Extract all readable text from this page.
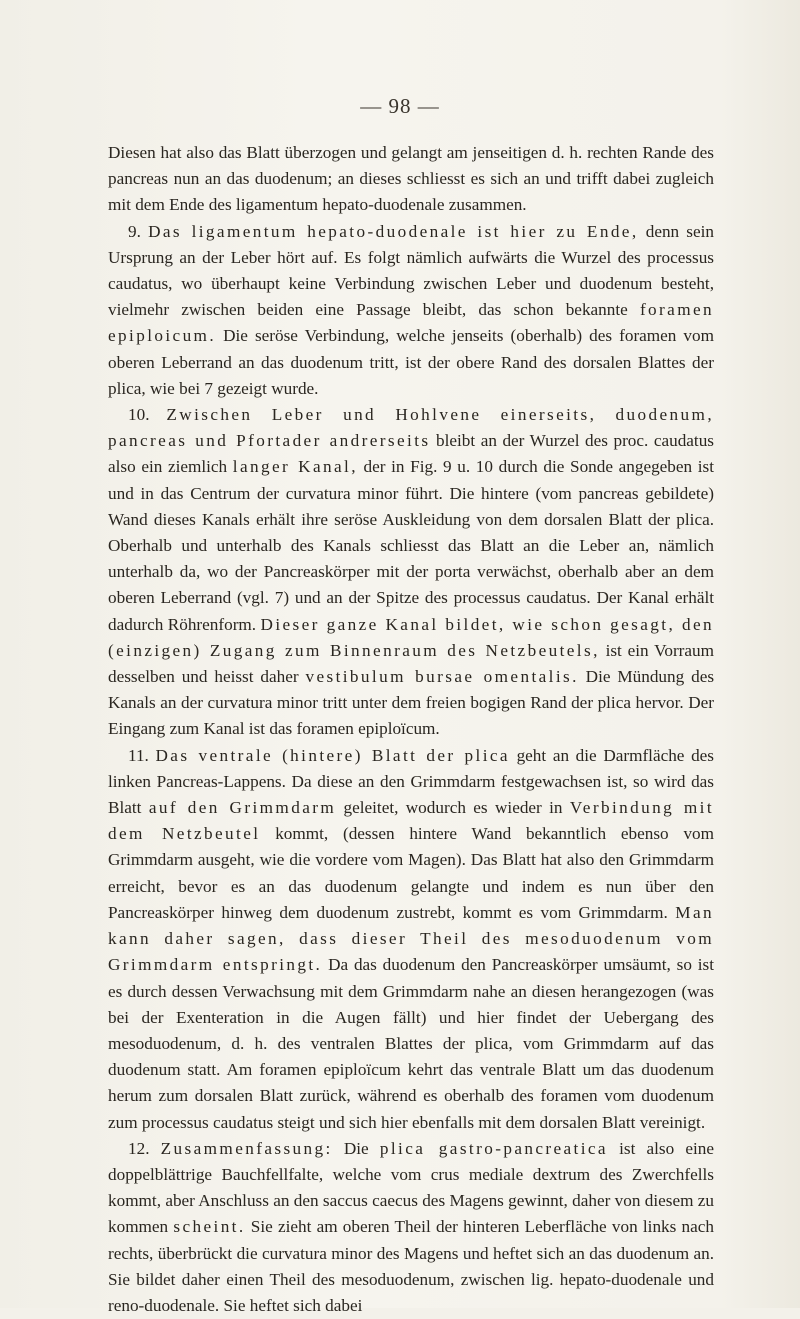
— 98 —

Diesen hat also das Blatt überzogen und gelangt am jenseitigen d. h. rechten Rande des pancreas nun an das duodenum; an dieses schliesst es sich an und trifft dabei zugleich mit dem Ende des ligamentum hepato-duodenale zusammen.

9. Das ligamentum hepato-duodenale ist hier zu Ende, denn sein Ursprung an der Leber hört auf. Es folgt nämlich aufwärts die Wurzel des processus caudatus, wo überhaupt keine Verbindung zwischen Leber und duodenum besteht, vielmehr zwischen beiden eine Passage bleibt, das schon bekannte foramen epiploicum. Die seröse Verbindung, welche jenseits (oberhalb) des foramen vom oberen Leberrand an das duodenum tritt, ist der obere Rand des dorsalen Blattes der plica, wie bei 7 gezeigt wurde.

10. Zwischen Leber und Hohlvene einerseits, duodenum, pancreas und Pfortader andrerseits bleibt an der Wurzel des proc. caudatus also ein ziemlich langer Kanal, der in Fig. 9 u. 10 durch die Sonde angegeben ist und in das Centrum der curvatura minor führt. Die hintere (vom pancreas gebildete) Wand dieses Kanals erhält ihre seröse Auskleidung von dem dorsalen Blatt der plica. Oberhalb und unterhalb des Kanals schliesst das Blatt an die Leber an, nämlich unterhalb da, wo der Pancreaskörper mit der porta verwächst, oberhalb aber an dem oberen Leberrand (vgl. 7) und an der Spitze des processus caudatus. Der Kanal erhält dadurch Röhrenform. Dieser ganze Kanal bildet, wie schon gesagt, den (einzigen) Zugang zum Binnenraum des Netzbeutels, ist ein Vorraum desselben und heisst daher vestibulum bursae omentalis. Die Mündung des Kanals an der curvatura minor tritt unter dem freien bogigen Rand der plica hervor. Der Eingang zum Kanal ist das foramen epiploïcum.

11. Das ventrale (hintere) Blatt der plica geht an die Darmfläche des linken Pancreas-Lappens. Da diese an den Grimmdarm festgewachsen ist, so wird das Blatt auf den Grimmdarm geleitet, wodurch es wieder in Verbindung mit dem Netzbeutel kommt, (dessen hintere Wand bekanntlich ebenso vom Grimmdarm ausgeht, wie die vordere vom Magen). Das Blatt hat also den Grimmdarm erreicht, bevor es an das duodenum gelangte und indem es nun über den Pancreaskörper hinweg dem duodenum zustrebt, kommt es vom Grimmdarm. Man kann daher sagen, dass dieser Theil des mesoduodenum vom Grimmdarm entspringt. Da das duodenum den Pancreaskörper umsäumt, so ist es durch dessen Verwachsung mit dem Grimmdarm nahe an diesen herangezogen (was bei der Exenteration in die Augen fällt) und hier findet der Uebergang des mesoduodenum, d. h. des ventralen Blattes der plica, vom Grimmdarm auf das duodenum statt. Am foramen epiploïcum kehrt das ventrale Blatt um das duodenum herum zum dorsalen Blatt zurück, während es oberhalb des foramen vom duodenum zum processus caudatus steigt und sich hier ebenfalls mit dem dorsalen Blatt vereinigt.

12. Zusammenfassung: Die plica gastro-pancreatica ist also eine doppelblättrige Bauchfellfalte, welche vom crus mediale dextrum des Zwerchfells kommt, aber Anschluss an den saccus caecus des Magens gewinnt, daher von diesem zu kommen scheint. Sie zieht am oberen Theil der hinteren Leberfläche von links nach rechts, überbrückt die curvatura minor des Magens und heftet sich an das duodenum an. Sie bildet daher einen Theil des mesoduodenum, zwischen lig. hepato-duodenale und reno-duodenale. Sie heftet sich dabei
